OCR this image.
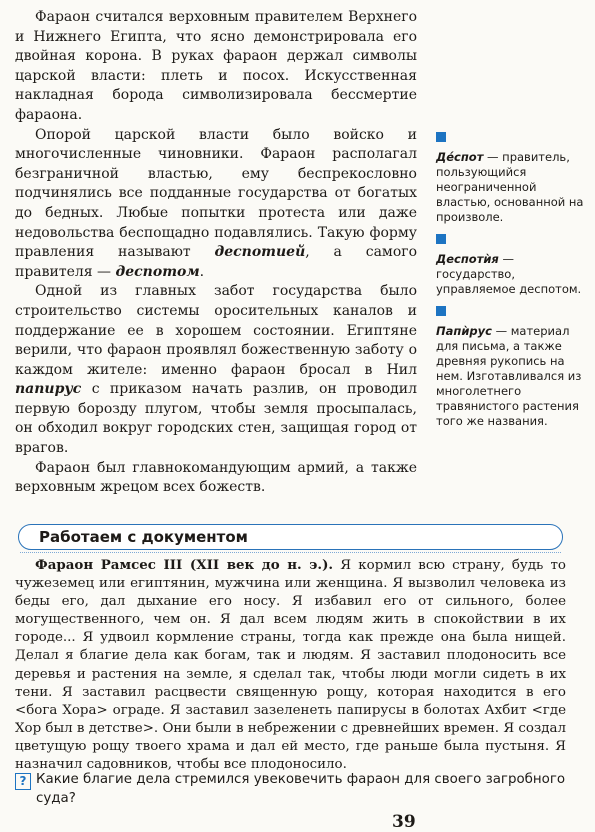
Фараон считался верховным правителем Верхнего и Нижнего Египта, что ясно демонстрировала его двойная корона. В руках фараон держал символы царской власти: плеть и посох. Искусственная накладная борода символизировала бессмертие фараона.

Опорой царской власти было войско и многочисленные чиновники. Фараон располагал безграничной властью, ему беспрекословно подчинялись все подданные государства от богатых до бедных. Любые попытки протеста или даже недовольства беспощадно подавлялись. Такую форму правления называют деспотией, а самого правителя — деспотом.

Одной из главных забот государства было строительство системы оросительных каналов и поддержание ее в хорошем состоянии. Египтяне верили, что фараон проявлял божественную заботу о каждом жителе: именно фараон бросал в Нил папирус с приказом начать разлив, он проводил первую борозду плугом, чтобы земля просыпалась, он обходил вокруг городских стен, защищая город от врагов.

Фараон был главнокомандующим армий, а также верховным жрецом всех божеств.

Дéспот — правитель, пользующийся неограниченной властью, основанной на произволе.
Деспотѝя — государство, управляемое деспотом.
Папѝрус — материал для письма, а также древняя рукопись на нем. Изготавливался из многолетнего травянистого растения того же названия.
Работаем с документом

Фараон Рамсес III (XII век до н. э.). Я кормил всю страну, будь то чужеземец или египтянин, мужчина или женщина. Я вызволил человека из беды его, дал дыхание его носу. Я избавил его от сильного, более могущественного, чем он. Я дал всем людям жить в спокойствии в их городе... Я удвоил кормление страны, тогда как прежде она была нищей. Делал я благие дела как богам, так и людям. Я заставил плодоносить все деревья и растения на земле, я сделал так, чтобы люди могли сидеть в их тени. Я заставил расцвести священную рощу, которая находится в его <бога Хора> ограде. Я заставил зазеленеть папирусы в болотах Ахбит <где Хор был в детстве>. Они были в небрежении с древнейших времен. Я создал цветущую рощу твоего храма и дал ей место, где раньше была пустыня. Я назначил садовников, чтобы все плодоносило.

? Какие благие дела стремился увековечить фараон для своего загробного
суда?
39
